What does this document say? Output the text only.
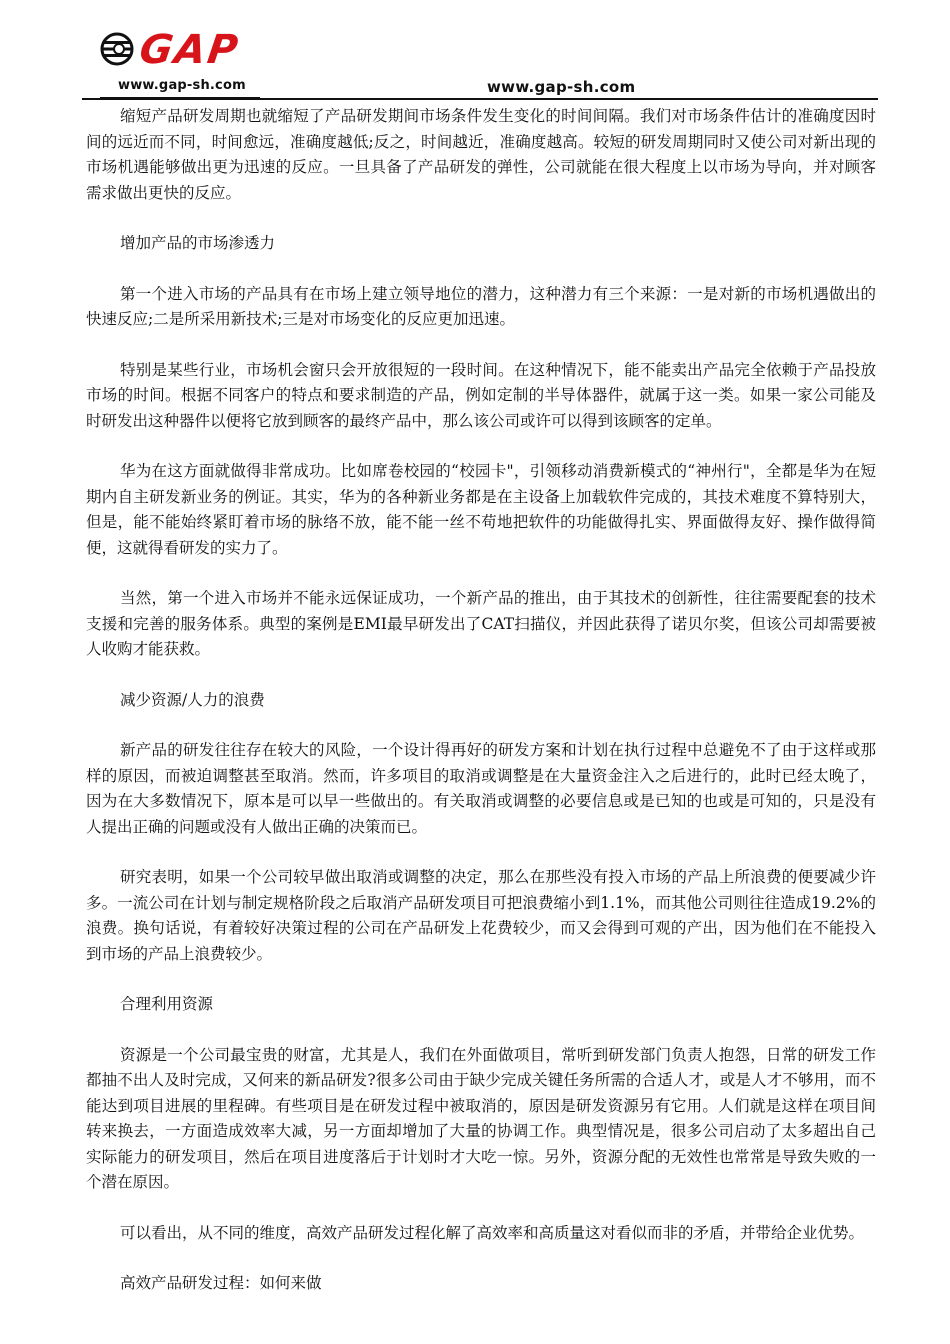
GAP
www.gap-sh.com	www.gap-sh.com

缩短产品研发周期也就缩短了产品研发期间市场条件发生变化的时间间隔。我们对市场条件估计的准确度因时间的远近而不同，时间愈远，准确度越低;反之，时间越近，准确度越高。较短的研发周期同时又使公司对新出现的市场机遇能够做出更为迅速的反应。一旦具备了产品研发的弹性，公司就能在很大程度上以市场为导向，并对顾客需求做出更快的反应。

增加产品的市场渗透力

第一个进入市场的产品具有在市场上建立领导地位的潜力，这种潜力有三个来源：一是对新的市场机遇做出的快速反应;二是所采用新技术;三是对市场变化的反应更加迅速。

特别是某些行业，市场机会窗只会开放很短的一段时间。在这种情况下，能不能卖出产品完全依赖于产品投放市场的时间。根据不同客户的特点和要求制造的产品，例如定制的半导体器件，就属于这一类。如果一家公司能及时研发出这种器件以便将它放到顾客的最终产品中，那么该公司或许可以得到该顾客的定单。

华为在这方面就做得非常成功。比如席卷校园的“校园卡"，引领移动消费新模式的“神州行"，全都是华为在短期内自主研发新业务的例证。其实，华为的各种新业务都是在主设备上加载软件完成的，其技术难度不算特别大，但是，能不能始终紧盯着市场的脉络不放，能不能一丝不苟地把软件的功能做得扎实、界面做得友好、操作做得简便，这就得看研发的实力了。

当然，第一个进入市场并不能永远保证成功，一个新产品的推出，由于其技术的创新性，往往需要配套的技术支援和完善的服务体系。典型的案例是EMI最早研发出了CAT扫描仪，并因此获得了诺贝尔奖，但该公司却需要被人收购才能获救。

减少资源/人力的浪费

新产品的研发往往存在较大的风险，一个设计得再好的研发方案和计划在执行过程中总避免不了由于这样或那样的原因，而被迫调整甚至取消。然而，许多项目的取消或调整是在大量资金注入之后进行的，此时已经太晚了，因为在大多数情况下，原本是可以早一些做出的。有关取消或调整的必要信息或是已知的也或是可知的，只是没有人提出正确的问题或没有人做出正确的决策而已。

研究表明，如果一个公司较早做出取消或调整的决定，那么在那些没有投入市场的产品上所浪费的便要减少许多。一流公司在计划与制定规格阶段之后取消产品研发项目可把浪费缩小到1.1%，而其他公司则往往造成19.2%的浪费。换句话说，有着较好决策过程的公司在产品研发上花费较少，而又会得到可观的产出，因为他们在不能投入到市场的产品上浪费较少。

合理利用资源

资源是一个公司最宝贵的财富，尤其是人，我们在外面做项目，常听到研发部门负责人抱怨，日常的研发工作都抽不出人及时完成，又何来的新品研发?很多公司由于缺少完成关键任务所需的合适人才，或是人才不够用，而不能达到项目进展的里程碑。有些项目是在研发过程中被取消的，原因是研发资源另有它用。人们就是这样在项目间转来换去，一方面造成效率大减，另一方面却增加了大量的协调工作。典型情况是，很多公司启动了太多超出自己实际能力的研发项目，然后在项目进度落后于计划时才大吃一惊。另外，资源分配的无效性也常常是导致失败的一个潜在原因。

可以看出，从不同的维度，高效产品研发过程化解了高效率和高质量这对看似而非的矛盾，并带给企业优势。

高效产品研发过程：如何来做
